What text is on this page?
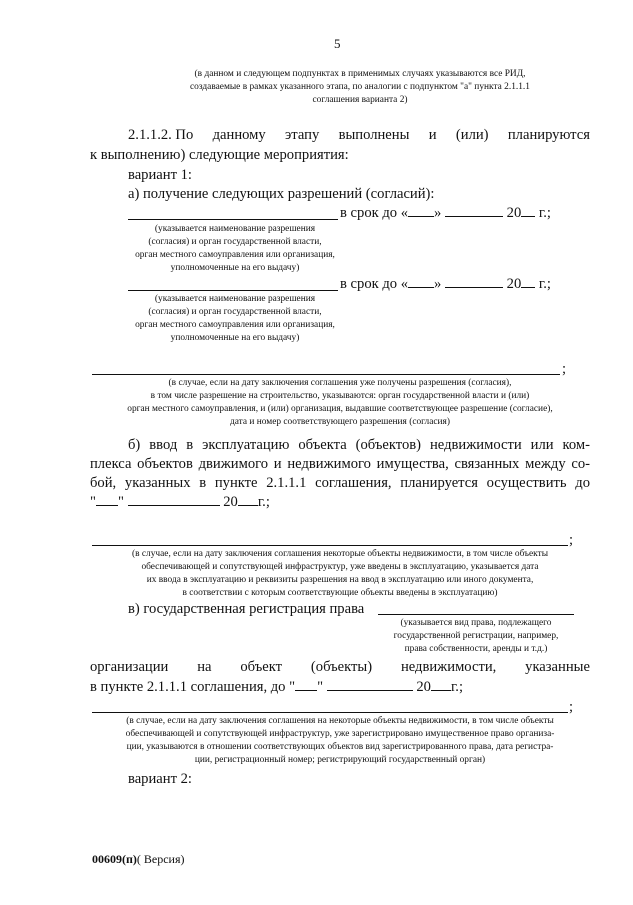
5
(в данном и следующем подпунктах в применимых случаях указываются все РИД,
создаваемые в рамках указанного этапа, по аналогии с подпунктом "а" пункта 2.1.1.1
соглашения варианта 2)
2.1.1.2. По данному этапу выполнены и (или) планируются
к выполнению) следующие мероприятия:
вариант 1:
а) получение следующих разрешений (согласий):
в срок до « »	20 г.;
(указывается наименование разрешения
(согласия) и орган государственной власти,
орган местного самоуправления или организация,
уполномоченные на его выдачу)
в срок до « »	20 г.;
(указывается наименование разрешения
(согласия) и орган государственной власти,
орган местного самоуправления или организация,
уполномоченные на его выдачу)
;
(в случае, если на дату заключения соглашения уже получены разрешения (согласия),
в том числе разрешение на строительство, указываются: орган государственной власти и (или)
орган местного самоуправления, и (или) организация, выдавшие соответствующее разрешение (согласие),
дата и номер соответствующего разрешения (согласия)
б) ввод в эксплуатацию объекта (объектов) недвижимости или ком-
плекса объектов движимого и недвижимого имущества, связанных между со-
бой, указанных в пункте 2.1.1.1 соглашения, планируется осуществить до
" "	20 г.;
;
(в случае, если на дату заключения соглашения некоторые объекты недвижимости, в том числе объекты
обеспечивающей и сопутствующей инфраструктур, уже введены в эксплуатацию, указывается дата
их ввода в эксплуатацию и реквизиты разрешения на ввод в эксплуатацию или иного документа,
в соответствии с которым соответствующие объекты введены в эксплуатацию)
в) государственная регистрация права
(указывается вид права, подлежащего
государственной регистрации, например,
права собственности, аренды и т.д.)
организации на объект (объекты) недвижимости, указанные
в пункте 2.1.1.1 соглашения, до " "	20 г.;
;
(в случае, если на дату заключения соглашения на некоторые объекты недвижимости, в том числе объекты
обеспечивающей и сопутствующей инфраструктур, уже зарегистрировано имущественное право организа-
ции, указываются в отношении соответствующих объектов вид зарегистрированного права, дата регистра-
ции, регистрационный номер; регистрирующий государственный орган)
вариант 2:
00609(п)( Версия)
